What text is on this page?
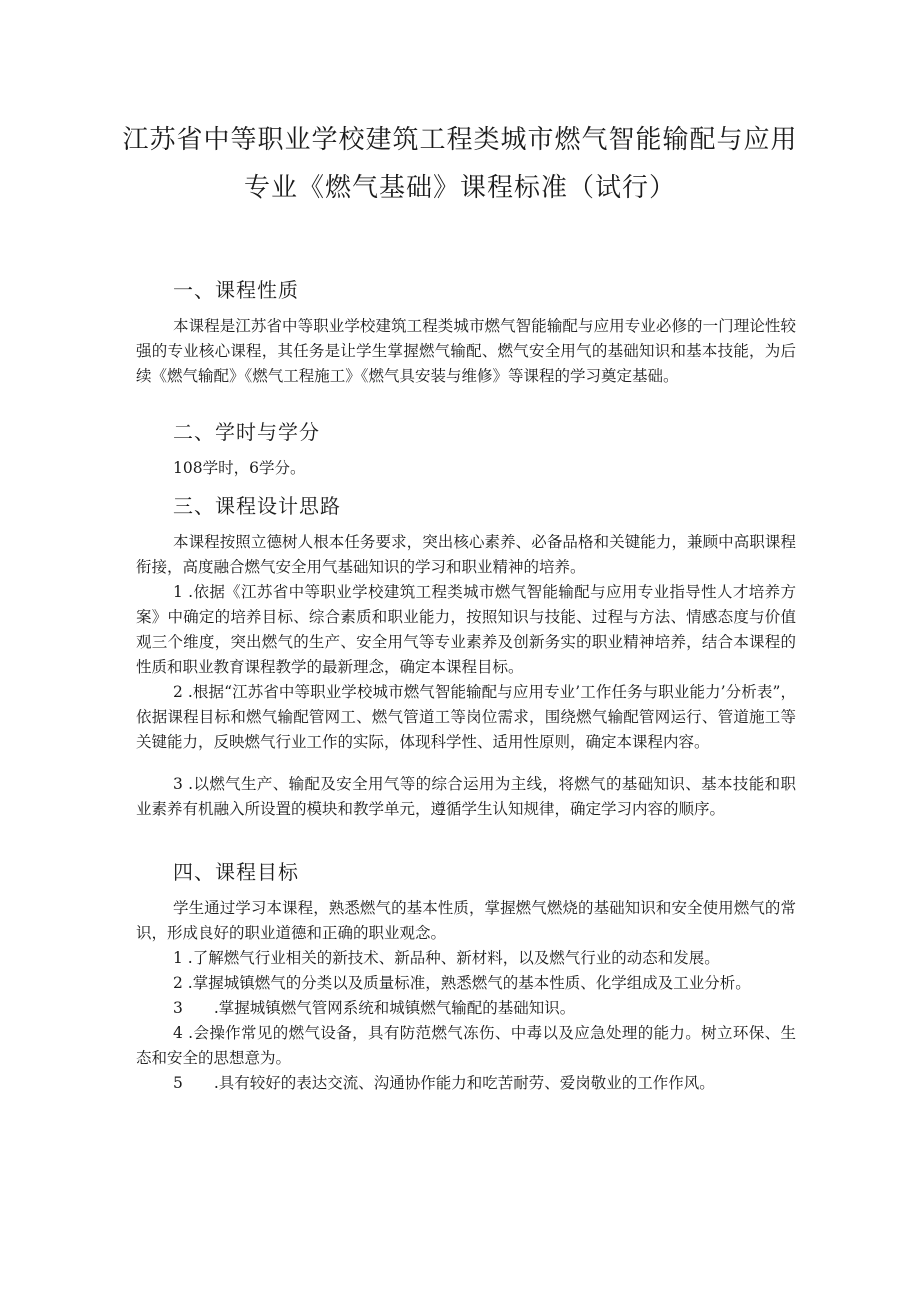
江苏省中等职业学校建筑工程类城市燃气智能输配与应用
专业《燃气基础》课程标准（试行）
一、课程性质

本课程是江苏省中等职业学校建筑工程类城市燃气智能输配与应用专业必修的一门理论性较强的专业核心课程，其任务是让学生掌握燃气输配、燃气安全用气的基础知识和基本技能，为后续《燃气输配》《燃气工程施工》《燃气具安装与维修》等课程的学习奠定基础。

二、学时与学分

108学时，6学分。

三、课程设计思路

本课程按照立德树人根本任务要求，突出核心素养、必备品格和关键能力，兼顾中高职课程衔接，高度融合燃气安全用气基础知识的学习和职业精神的培养。

1 .依据《江苏省中等职业学校建筑工程类城市燃气智能输配与应用专业指导性人才培养方案》中确定的培养目标、综合素质和职业能力，按照知识与技能、过程与方法、情感态度与价值观三个维度，突出燃气的生产、安全用气等专业素养及创新务实的职业精神培养，结合本课程的性质和职业教育课程教学的最新理念，确定本课程目标。

2 .根据“江苏省中等职业学校城市燃气智能输配与应用专业’工作任务与职业能力’分析表”，依据课程目标和燃气输配管网工、燃气管道工等岗位需求，围绕燃气输配管网运行、管道施工等关键能力，反映燃气行业工作的实际，体现科学性、适用性原则，确定本课程内容。

3 .以燃气生产、输配及安全用气等的综合运用为主线，将燃气的基础知识、基本技能和职业素养有机融入所设置的模块和教学单元，遵循学生认知规律，确定学习内容的顺序。

四、课程目标

学生通过学习本课程，熟悉燃气的基本性质，掌握燃气燃烧的基础知识和安全使用燃气的常识，形成良好的职业道德和正确的职业观念。

1 .了解燃气行业相关的新技术、新品种、新材料，以及燃气行业的动态和发展。
2 .掌握城镇燃气的分类以及质量标准，熟悉燃气的基本性质、化学组成及工业分析。
3　　.掌握城镇燃气管网系统和城镇燃气输配的基础知识。

4 .会操作常见的燃气设备，具有防范燃气冻伤、中毒以及应急处理的能力。树立环保、生态和安全的思想意为。

5　　.具有较好的表达交流、沟通协作能力和吃苦耐劳、爱岗敬业的工作作风。
